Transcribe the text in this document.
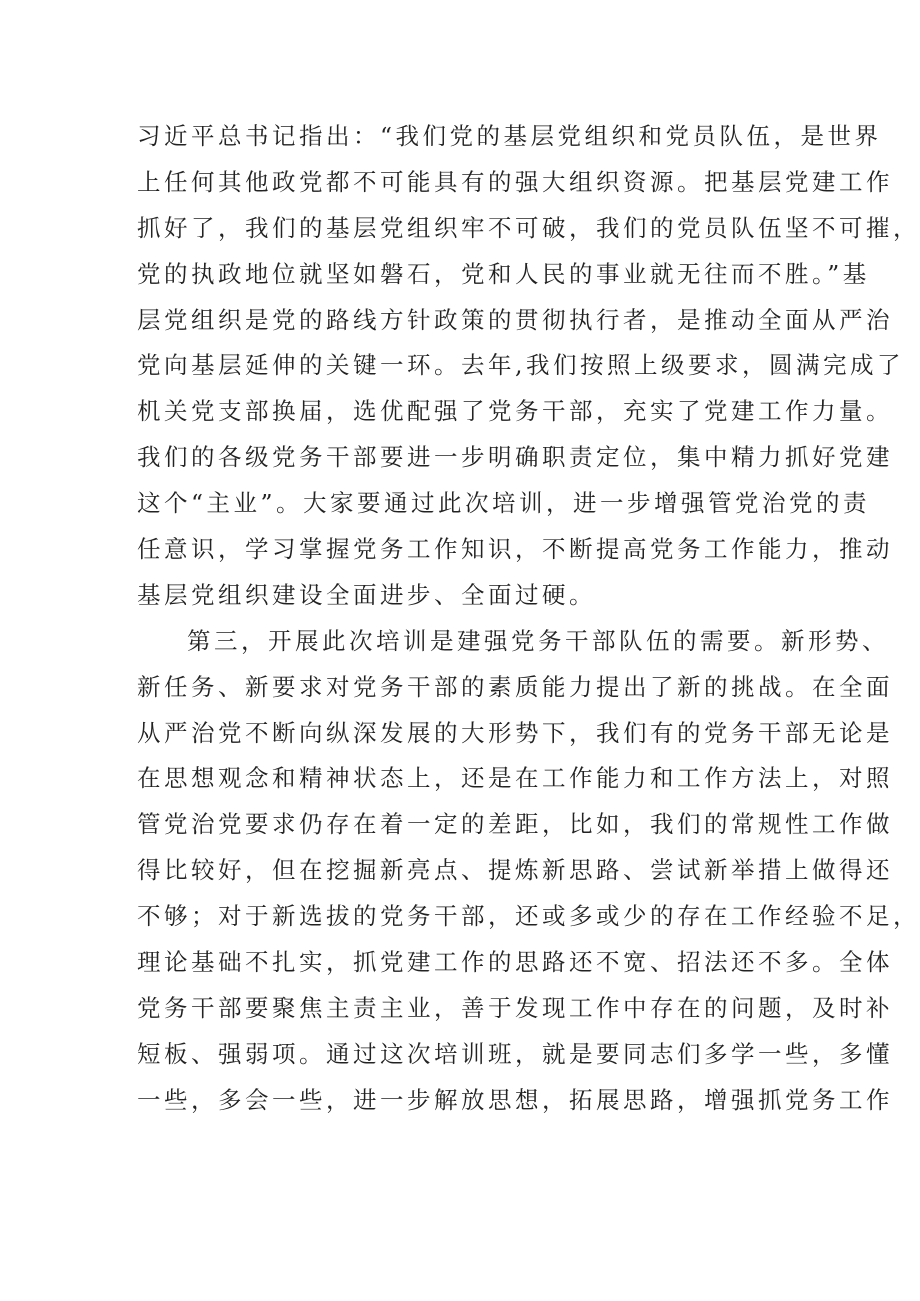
习近平总书记指出：“我们党的基层党组织和党员队伍，是世界
上任何其他政党都不可能具有的强大组织资源。把基层党建工作
抓好了，我们的基层党组织牢不可破，我们的党员队伍坚不可摧，
党的执政地位就坚如磐石，党和人民的事业就无往而不胜。”基
层党组织是党的路线方针政策的贯彻执行者，是推动全面从严治
党向基层延伸的关键一环。去年,我们按照上级要求，圆满完成了
机关党支部换届，选优配强了党务干部，充实了党建工作力量。
我们的各级党务干部要进一步明确职责定位，集中精力抓好党建
这个“主业”。大家要通过此次培训，进一步增强管党治党的责
任意识，学习掌握党务工作知识，不断提高党务工作能力，推动
基层党组织建设全面进步、全面过硬。
第三，开展此次培训是建强党务干部队伍的需要。新形势、
新任务、新要求对党务干部的素质能力提出了新的挑战。在全面
从严治党不断向纵深发展的大形势下，我们有的党务干部无论是
在思想观念和精神状态上，还是在工作能力和工作方法上，对照
管党治党要求仍存在着一定的差距，比如，我们的常规性工作做
得比较好，但在挖掘新亮点、提炼新思路、尝试新举措上做得还
不够；对于新选拔的党务干部，还或多或少的存在工作经验不足，
理论基础不扎实，抓党建工作的思路还不宽、招法还不多。全体
党务干部要聚焦主责主业，善于发现工作中存在的问题，及时补
短板、强弱项。通过这次培训班，就是要同志们多学一些，多懂
一些，多会一些，进一步解放思想，拓展思路，增强抓党务工作
